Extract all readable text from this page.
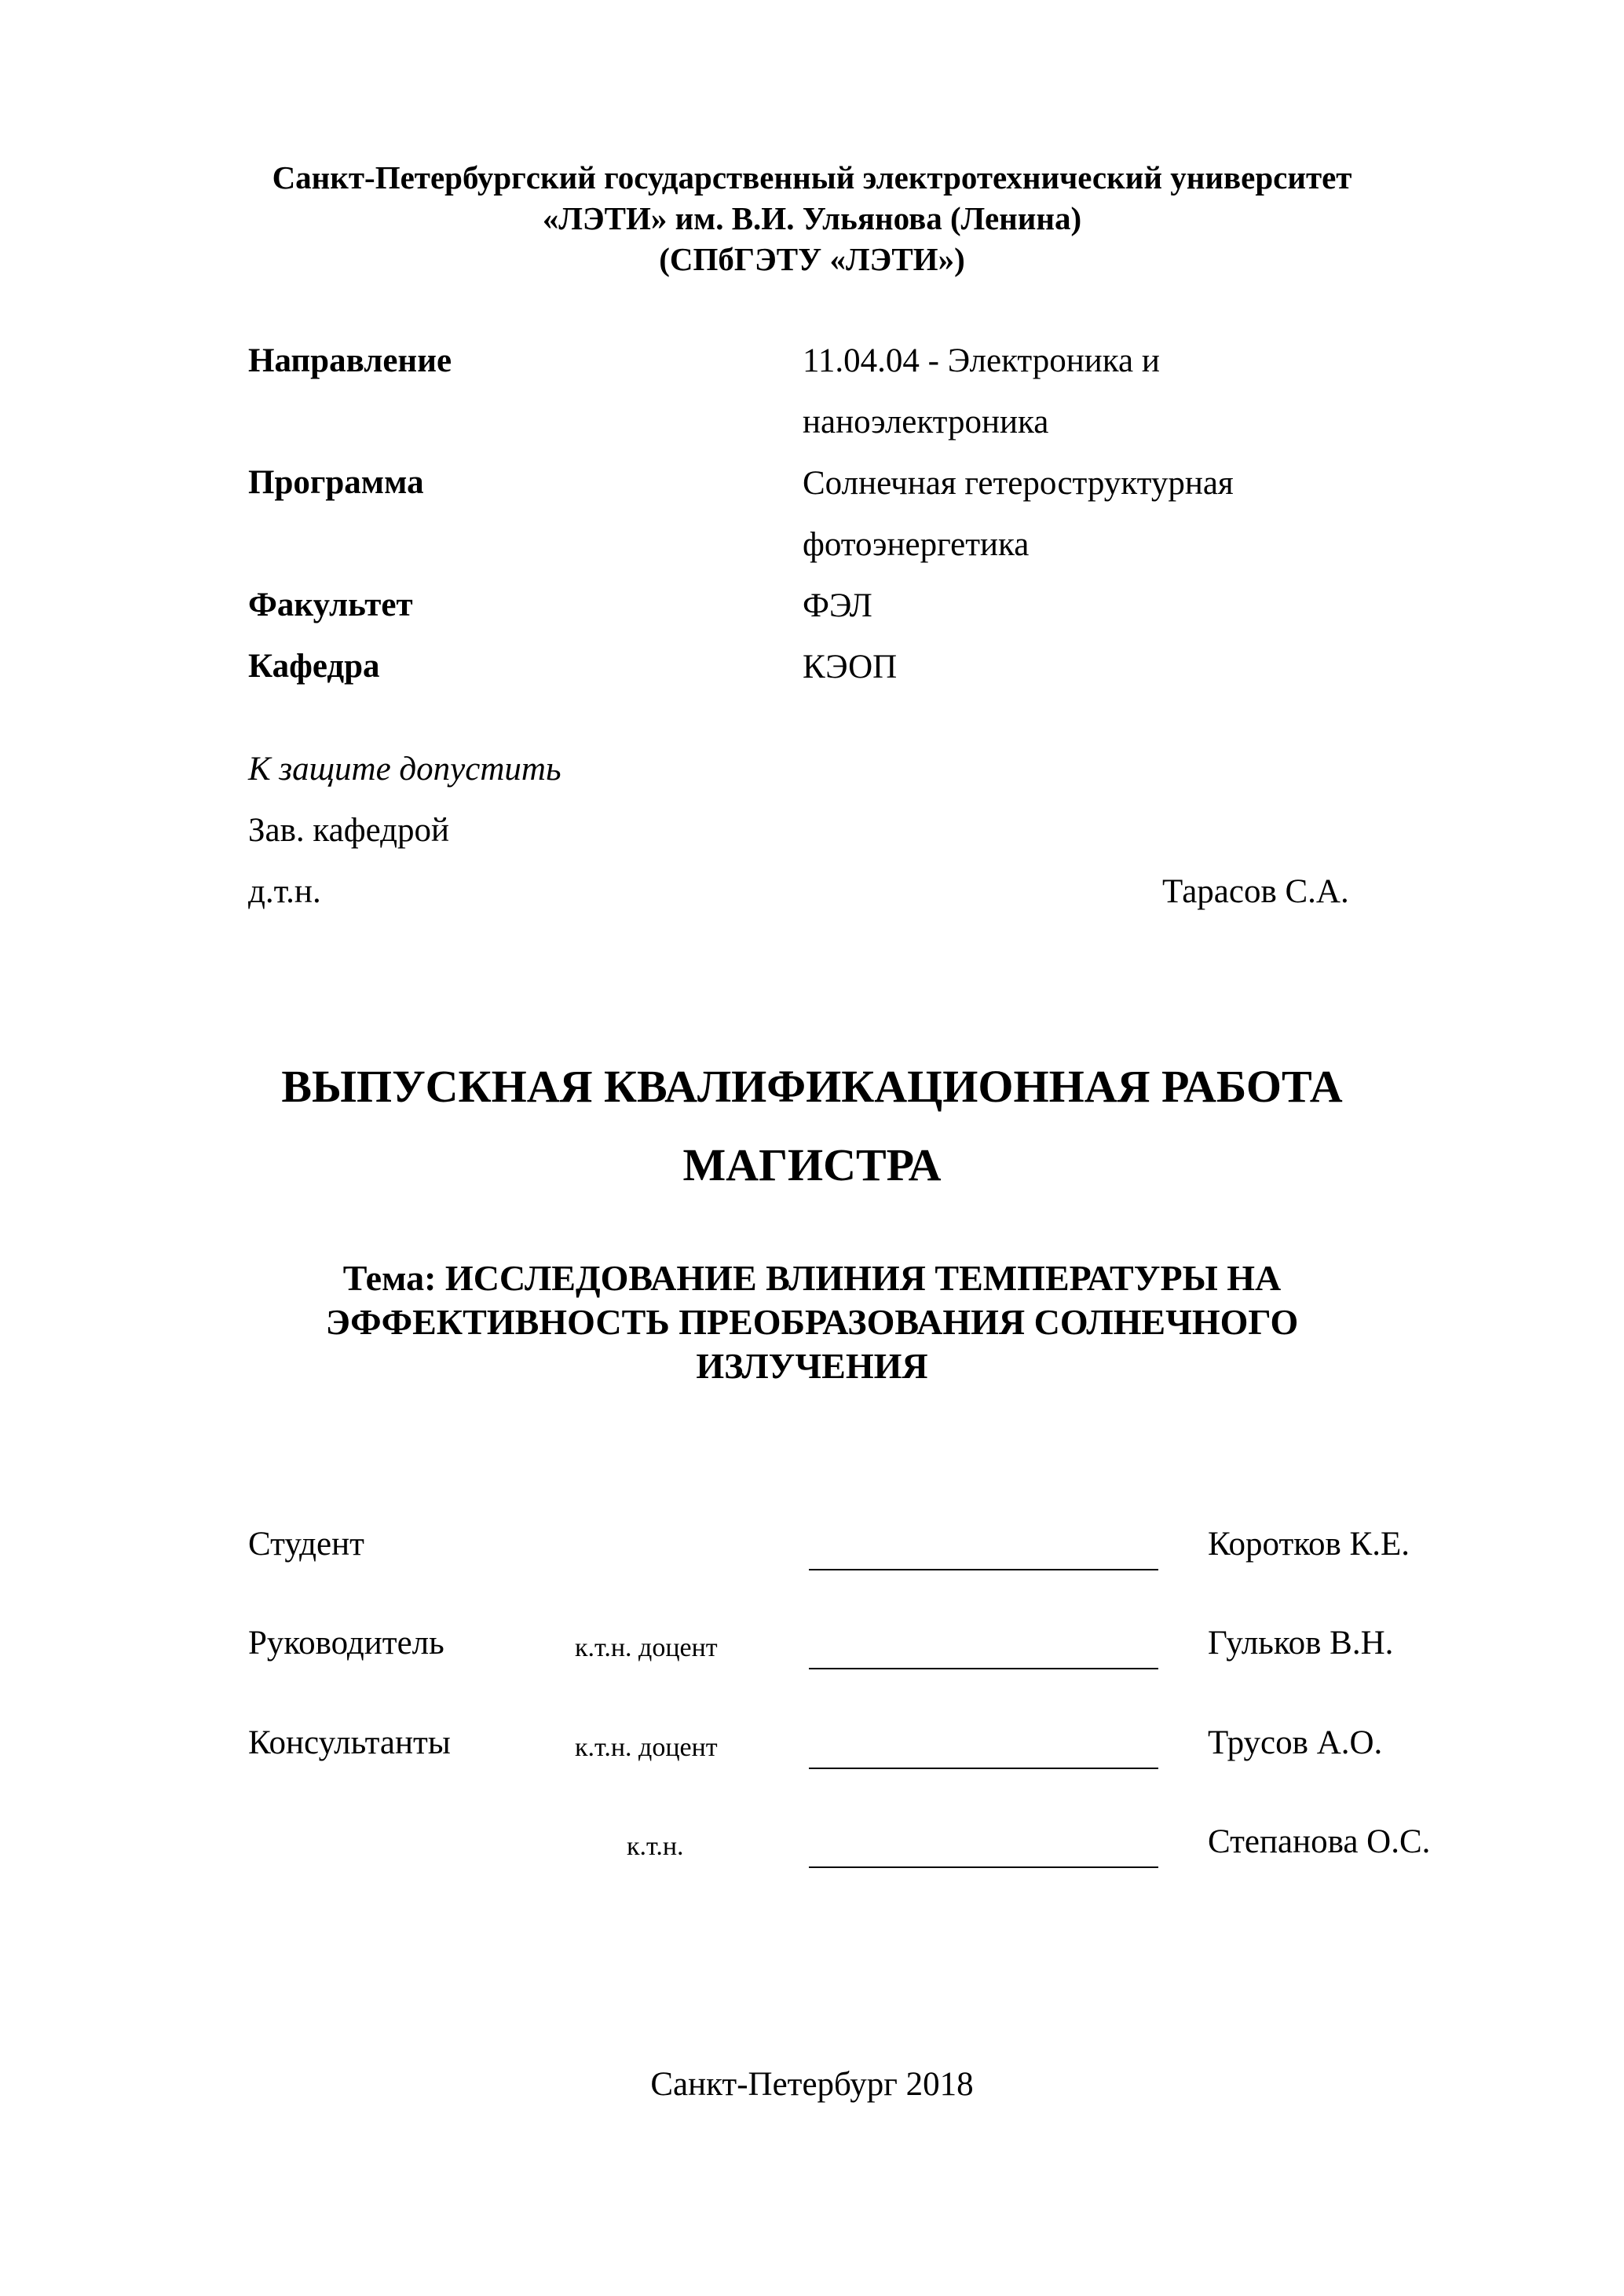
Санкт-Петербургский государственный электротехнический университет
«ЛЭТИ» им. В.И. Ульянова (Ленина)
(СПбГЭТУ «ЛЭТИ»)
Направление	11.04.04 - Электроника и наноэлектроника
Программа	Солнечная гетероструктурная фотоэнергетика
Факультет	ФЭЛ
Кафедра	КЭОП
К защите допустить
Зав. кафедрой
д.т.н.	Тарасов С.А.
ВЫПУСКНАЯ КВАЛИФИКАЦИОННАЯ РАБОТА
МАГИСТРА
Тема: ИССЛЕДОВАНИЕ ВЛИНИЯ ТЕМПЕРАТУРЫ НА
ЭФФЕКТИВНОСТЬ ПРЕОБРАЗОВАНИЯ СОЛНЕЧНОГО
ИЗЛУЧЕНИЯ
Студент	Коротков К.Е.
Руководитель	к.т.н. доцент	Гульков В.Н.
Консультанты	к.т.н. доцент	Трусов А.О.
к.т.н.	Степанова О.С.
Санкт-Петербург 2018
